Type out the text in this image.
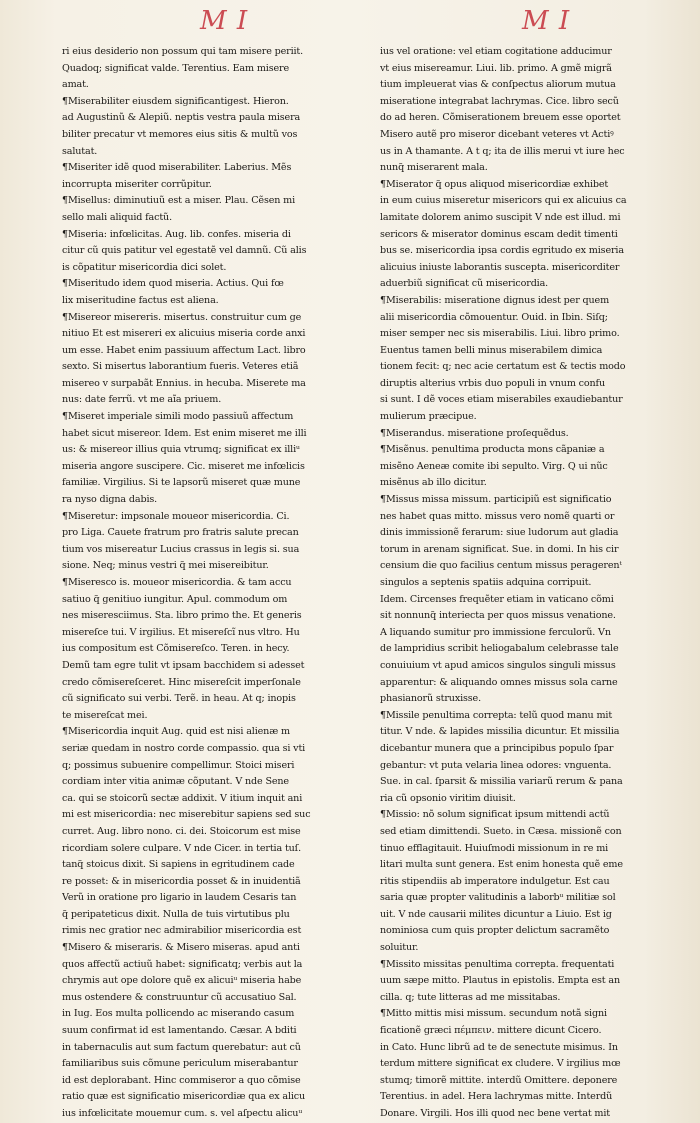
M I	M I
ri eius desiderio non possum qui tam misere periit.
Quadoq; significat valde. Terentius. Eam misere
amat.
¶Miserabiliter eiusdem significantigest. Hieron.
ad Augustinũ & Alepiũ. neptis vestra paula misera
biliter precatur vt memores eius sitis & multũ vos
salutat.
¶Miseriter idẽ quod miserabiliter. Laberius. Mẽs
incorrupta miseriter corrũpitur.
¶Misellus: diminutiuũ est a miser. Plau. Cẽsen mi
sello mali aliquid factũ.
¶Miseria: infœlicitas. Aug. lib. confes. miseria di
citur cũ quis patitur vel egestatẽ vel damnũ. Cũ alis
is cõpatitur misericordia dici solet.
¶Miseritudo idem quod miseria. Actius. Qui fœ
lix miseritudine factus est aliena.
¶Misereor misereris. misertus. construitur cum ge
nitiuo Et est misereri ex alicuius miseria corde anxi
um esse. Habet enim passiuum affectum Lact. libro
sexto. Si misertus laborantium fueris. Veteres etiã
misereo v surpabãt Ennius. in hecuba. Miserete ma
nus: date ferrũ. vt me aĩa priuem.
¶Miseret imperiale simili modo passiuũ affectum
habet sicut misereor. Idem. Est enim miseret me illi
us: & misereor illius quia vtrumq; significat ex illiᵘ
miseria angore suscipere. Cic. miseret me infœlicis
familiæ. Virgilius. Si te lapsorũ miseret quæ mune
ra nyso digna dabis.
¶Miseretur: impsonale moueor misericordia. Ci.
pro Liga. Cauete fratrum pro fratris salute precan
tium vos misereatur Lucius crassus in legis si. sua
sione. Neq; minus vestri q̃ mei misereibitur.
¶Miseresco is. moueor misericordia. & tam accu
satiuo q̃ genitiuo iungitur. Apul. commodum om
nes miseresciimus. Sta. libro primo the. Et generis
misereſce tui. V irgilius. Et misereſcĩ nus vltro. Hu
ius compositum est Cõmisereſco. Teren. in hecy.
Demũ tam egre tulit vt ipsam bacchidem si adesset
credo cõmisereſceret. Hinc misereſcit imperſonale
cũ significato sui verbi. Terẽ. in heau. At q; inopis
te misereſcat mei.
¶Misericordia inquit Aug. quid est nisi alienæ m
seriæ quedam in nostro corde compassio. qua si vti
q; possimus subuenire compellimur. Stoici miseri
cordiam inter vitia animæ cõputant. V nde Sene
ca. qui se stoicorũ sectæ addixit. V itium inquit ani
mi est misericordia: nec miserebitur sapiens sed suc
curret. Aug. libro nono. ci. dei. Stoicorum est mise
ricordiam solere culpare. V nde Cicer. in tertia tuſ.
tanq̃ stoicus dixit. Si sapiens in egritudinem cade
re posset: & in misericordia posset & in inuidentiã
Verũ in oratione pro ligario in laudem Cesaris tan
q̃ peripateticus dixit. Nulla de tuis virtutibus plu
rimis nec gratior nec admirabilior misericordia est
¶Misero & miseraris. & Misero miseras. apud anti
quos affectũ actiuũ habet: significatq; verbis aut la
chrymis aut ope dolore quẽ ex alicuiᵘ miseria habe
mus ostendere & construuntur cũ accusatiuo Sal.
in Iug. Eos multa pollicendo ac miserando casum
suum confirmat id est lamentando. Cæsar. A bditi
in tabernaculis aut sum factum querebatur: aut cũ
familiaribus suis cõmune periculum miserabantur
id est deplorabant. Hinc commiseror a quo cõmise
ratio quæ est significatio misericordiæ qua ex alicu
ius infœlicitate mouemur cum. s. vel aſpectu alicuᵘ
ius vel oratione: vel etiam cogitatione adducimur
vt eius misereamur. Liui. lib. primo. A gmẽ migrã
tium impleuerat vias & conſpectus aliorum mutua
miseratione integrabat lachrymas. Cice. libro secũ
do ad heren. Cõmiserationem breuem esse oportet
Misero autẽ pro miseror dicebant veteres vt Actiꝰ
us in A thamante. A t q; ita de illis merui vt iure hec
nunq̃ miserarent mala.
¶Miserator q̃ opus aliquod misericordiæ exhibet
in eum cuius miseretur misericors qui ex alicuius ca
lamitate dolorem animo suscipit V nde est illud. mi
sericors & miserator dominus escam dedit timenti
bus se. misericordia ipsa cordis egritudo ex miseria
alicuius iniuste laborantis suscepta. misericorditer
aduerbiũ significat cũ misericordia.
¶Miserabilis: miseratione dignus idest per quem
alii misericordia cõmouentur. Ouid. in Ibin. Siſq;
miser semper nec sis miserabilis. Liui. libro primo.
Euentus tamen belli minus miserabilem dimica
tionem fecit: q; nec acie certatum est & tectis modo
diruptis alterius vrbis duo populi in vnum confu
si sunt. I dẽ voces etiam miserabiles exaudiebantur
mulierum præcipue.
¶Miserandus. miseratione proſequẽdus.
¶Misẽnus. penultima producta mons cãpaniæ a
misẽno Aeneæ comite ibi sepulto. Virg. Q ui nũc
misẽnus ab illo dicitur.
¶Missus missa missum. participiũ est significatio
nes habet quas mitto. missus vero nomẽ quarti or
dinis immissionẽ ferarum: siue ludorum aut gladia
torum in arenam significat. Sue. in domi. In his cir
censium die quo facilius centum missus peragerenᵗ
singulos a septenis spatiis adquina corripuit.
Idem. Circenses frequẽter etiam in vaticano cõmi
sit nonnunq̃ interiecta per quos missus venatione.
A liquando sumitur pro immissione ferculorũ. Vn
de lampridius scribit heliogabalum celebrasse tale
conuiuium vt apud amicos singulos singuli missus
apparentur: & aliquando omnes missus sola carne
phasianorũ struxisse.
¶Missile penultima correpta: telũ quod manu mit
titur. V nde. & lapides missilia dicuntur. Et missilia
dicebantur munera que a principibus populo ſpar
gebantur: vt puta velaria linea odores: vnguenta.
Sue. in cal. ſparsit & missilia variarũ rerum & pana
ria cũ opsonio viritim diuisit.
¶Missio: nõ solum significat ipsum mittendi actũ
sed etiam dimittendi. Sueto. in Cæsa. missionẽ con
tinuo efflagitauit. Huiuſmodi missionum in re mi
litari multa sunt genera. Est enim honesta quẽ eme
ritis stipendiis ab imperatore indulgetur. Est cau
saria quæ propter valitudinis a laborbᵘ militiæ sol
uit. V nde causarii milites dicuntur a Liuio. Est ig
nominiosa cum quis propter delictum sacramẽto
soluitur.
¶Missito missitas penultima correpta. frequentati
uum sæpe mitto. Plautus in epistolis. Empta est an
cilla. q; tute litteras ad me missitabas.
¶Mitto mittis misi missum. secundum notã signi
ficationẽ græci πέμπειν. mittere dicunt Cicero.
in Cato. Hunc librũ ad te de senectute misimus. In
terdum mittere significat ex cludere. V irgilius mœ
stumq; timorẽ mittite. interdũ Omittere. deponere
Terentius. in adel. Hera lachrymas mitte. Interdũ
Donare. Virgili. Hos illi quod nec bene vertat mit
